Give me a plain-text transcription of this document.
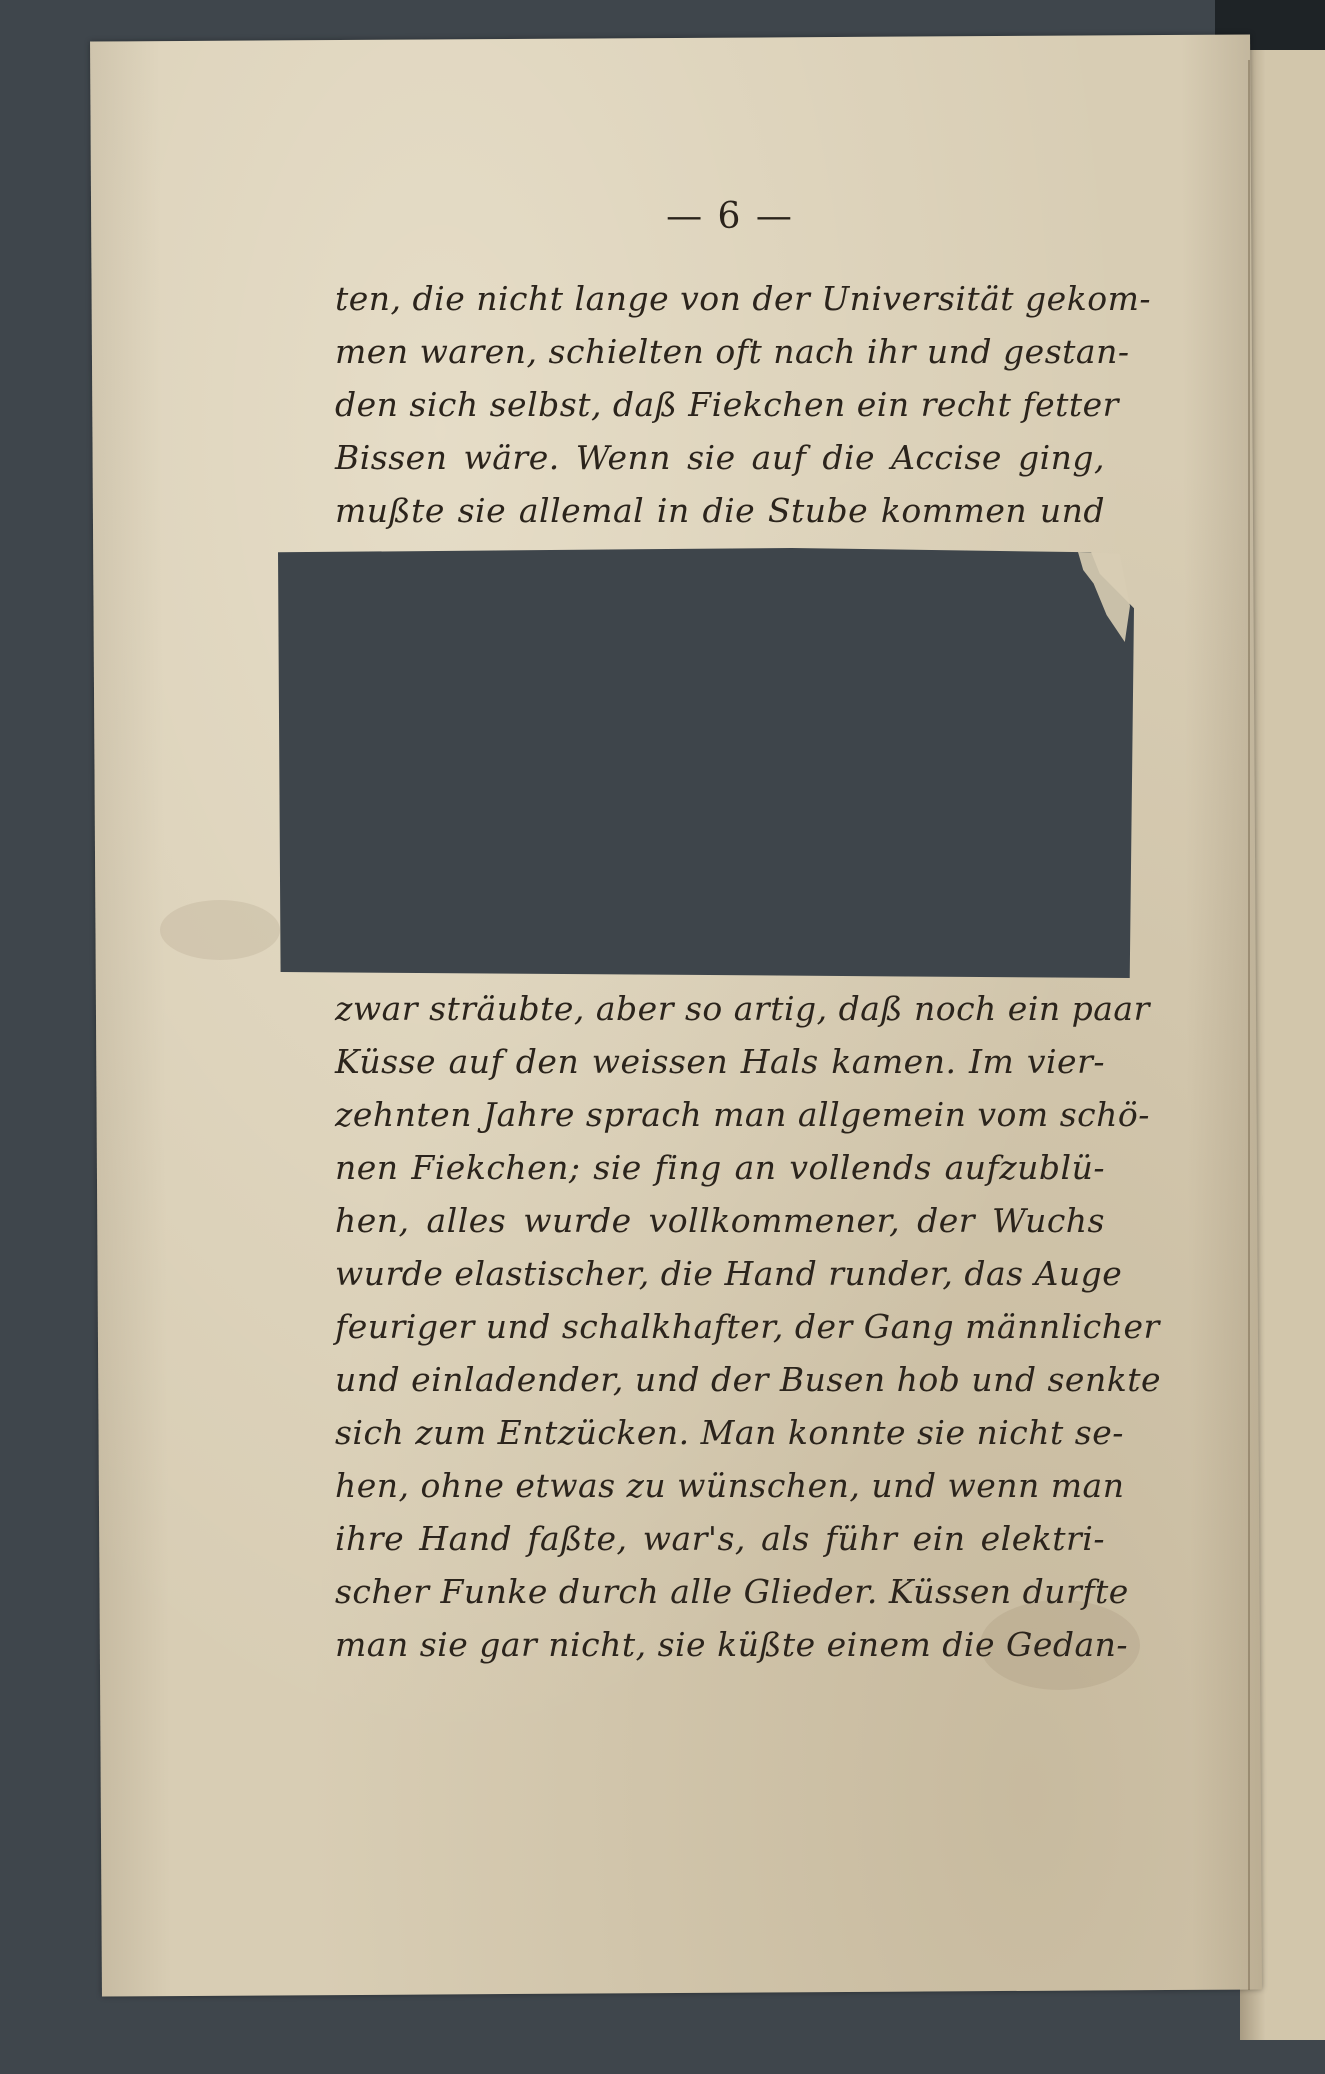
— 6 —
ten, die nicht lange von der Universität gekom-
men waren, schielten oft nach ihr und gestan-
den sich selbst, daß Fiekchen ein recht fetter
Bissen wäre. Wenn sie auf die Accise ging,
mußte sie allemal in die Stube kommen und
zwar sträubte, aber so artig, daß noch ein paar
Küsse auf den weissen Hals kamen. Im vier-
zehnten Jahre sprach man allgemein vom schö-
nen Fiekchen; sie fing an vollends aufzublü-
hen, alles wurde vollkommener, der Wuchs
wurde elastischer, die Hand runder, das Auge
feuriger und schalkhafter, der Gang männlicher
und einladender, und der Busen hob und senkte
sich zum Entzücken. Man konnte sie nicht se-
hen, ohne etwas zu wünschen, und wenn man
ihre Hand faßte, war's, als führ ein elektri-
scher Funke durch alle Glieder. Küssen durfte
man sie gar nicht, sie küßte einem die Gedan-
